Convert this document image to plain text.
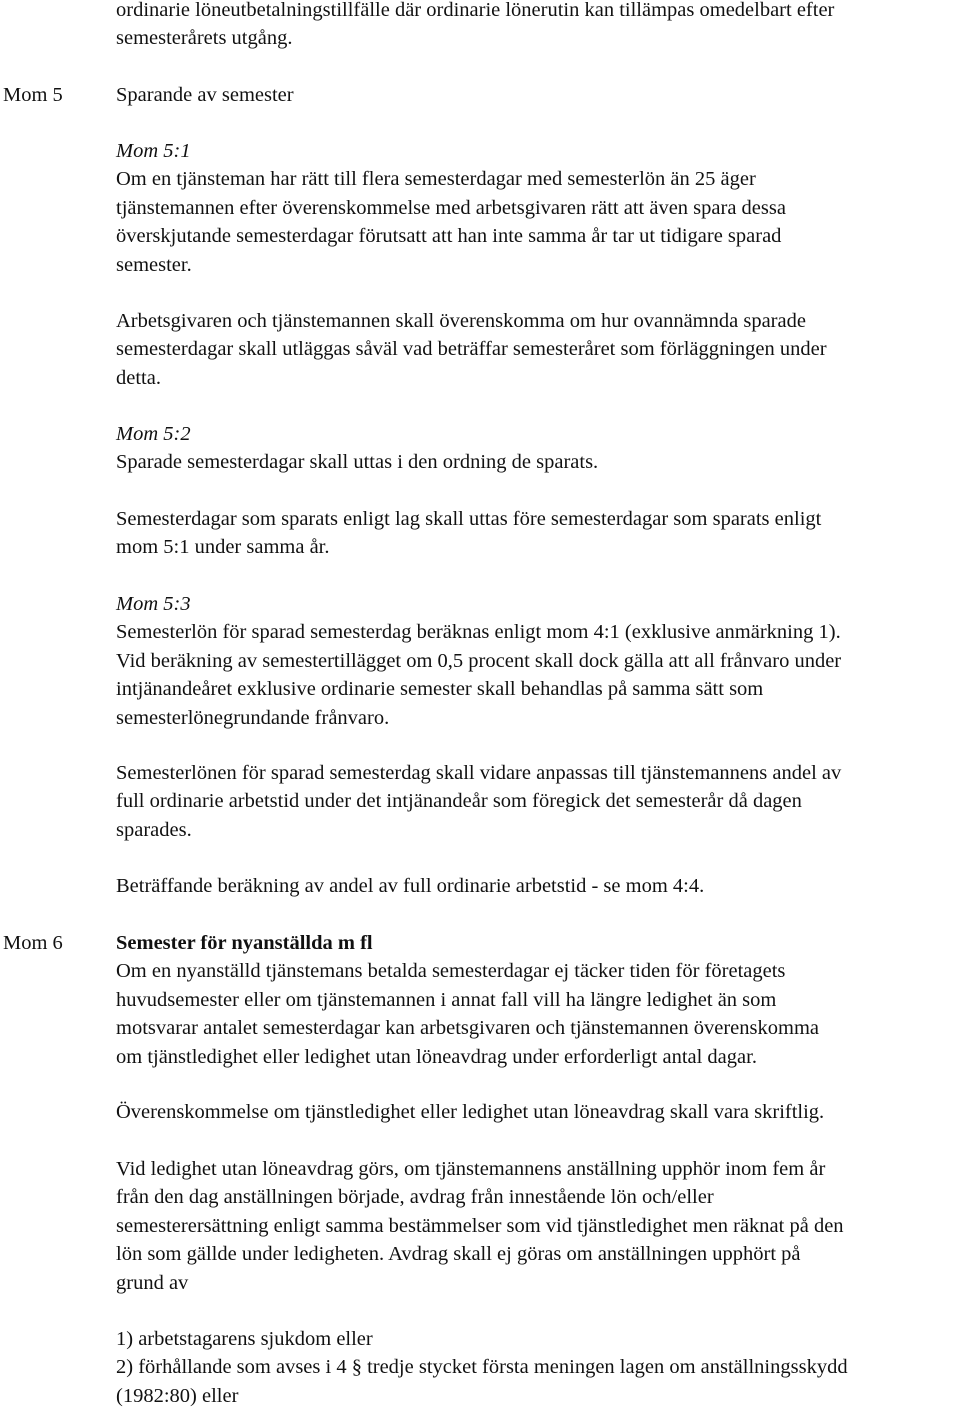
ordinarie löneutbetalningstillfälle där ordinarie lönerutin kan tillämpas omedelbart efter
semesterårets utgång.
Mom 5	Sparande av semester
Mom 5:1
Om en tjänsteman har rätt till flera semesterdagar med semesterlön än 25 äger
tjänstemannen efter överenskommelse med arbetsgivaren rätt att även spara dessa
överskjutande semesterdagar förutsatt att han inte samma år tar ut tidigare sparad
semester.
Arbetsgivaren och tjänstemannen skall överenskomma om hur ovannämnda sparade
semesterdagar skall utläggas såväl vad beträffar semesteråret som förläggningen under
detta.
Mom 5:2
Sparade semesterdagar skall uttas i den ordning de sparats.
Semesterdagar som sparats enligt lag skall uttas före semesterdagar som sparats enligt
mom 5:1 under samma år.
Mom 5:3
Semesterlön för sparad semesterdag beräknas enligt mom 4:1 (exklusive anmärkning 1).
Vid beräkning av semestertillägget om 0,5 procent skall dock gälla att all frånvaro under
intjänandeåret exklusive ordinarie semester skall behandlas på samma sätt som
semesterlönegrundande frånvaro.
Semesterlönen för sparad semesterdag skall vidare anpassas till tjänstemannens andel av
full ordinarie arbetstid under det intjänandeår som föregick det semesterår då dagen
sparades.
Beträffande beräkning av andel av full ordinarie arbetstid - se mom 4:4.
Mom 6	Semester för nyanställda m fl
Om en nyanställd tjänstemans betalda semesterdagar ej täcker tiden för företagets
huvudsemester eller om tjänstemannen i annat fall vill ha längre ledighet än som
motsvarar antalet semesterdagar kan arbetsgivaren och tjänstemannen överenskomma
om tjänstledighet eller ledighet utan löneavdrag under erforderligt antal dagar.
Överenskommelse om tjänstledighet eller ledighet utan löneavdrag skall vara skriftlig.
Vid ledighet utan löneavdrag görs, om tjänstemannens anställning upphör inom fem år
från den dag anställningen började, avdrag från innestående lön och/eller
semesterersättning enligt samma bestämmelser som vid tjänstledighet men räknat på den
lön som gällde under ledigheten. Avdrag skall ej göras om anställningen upphört på
grund av
1) arbetstagarens sjukdom eller
2) förhållande som avses i 4 § tredje stycket första meningen lagen om anställningsskydd
(1982:80) eller
